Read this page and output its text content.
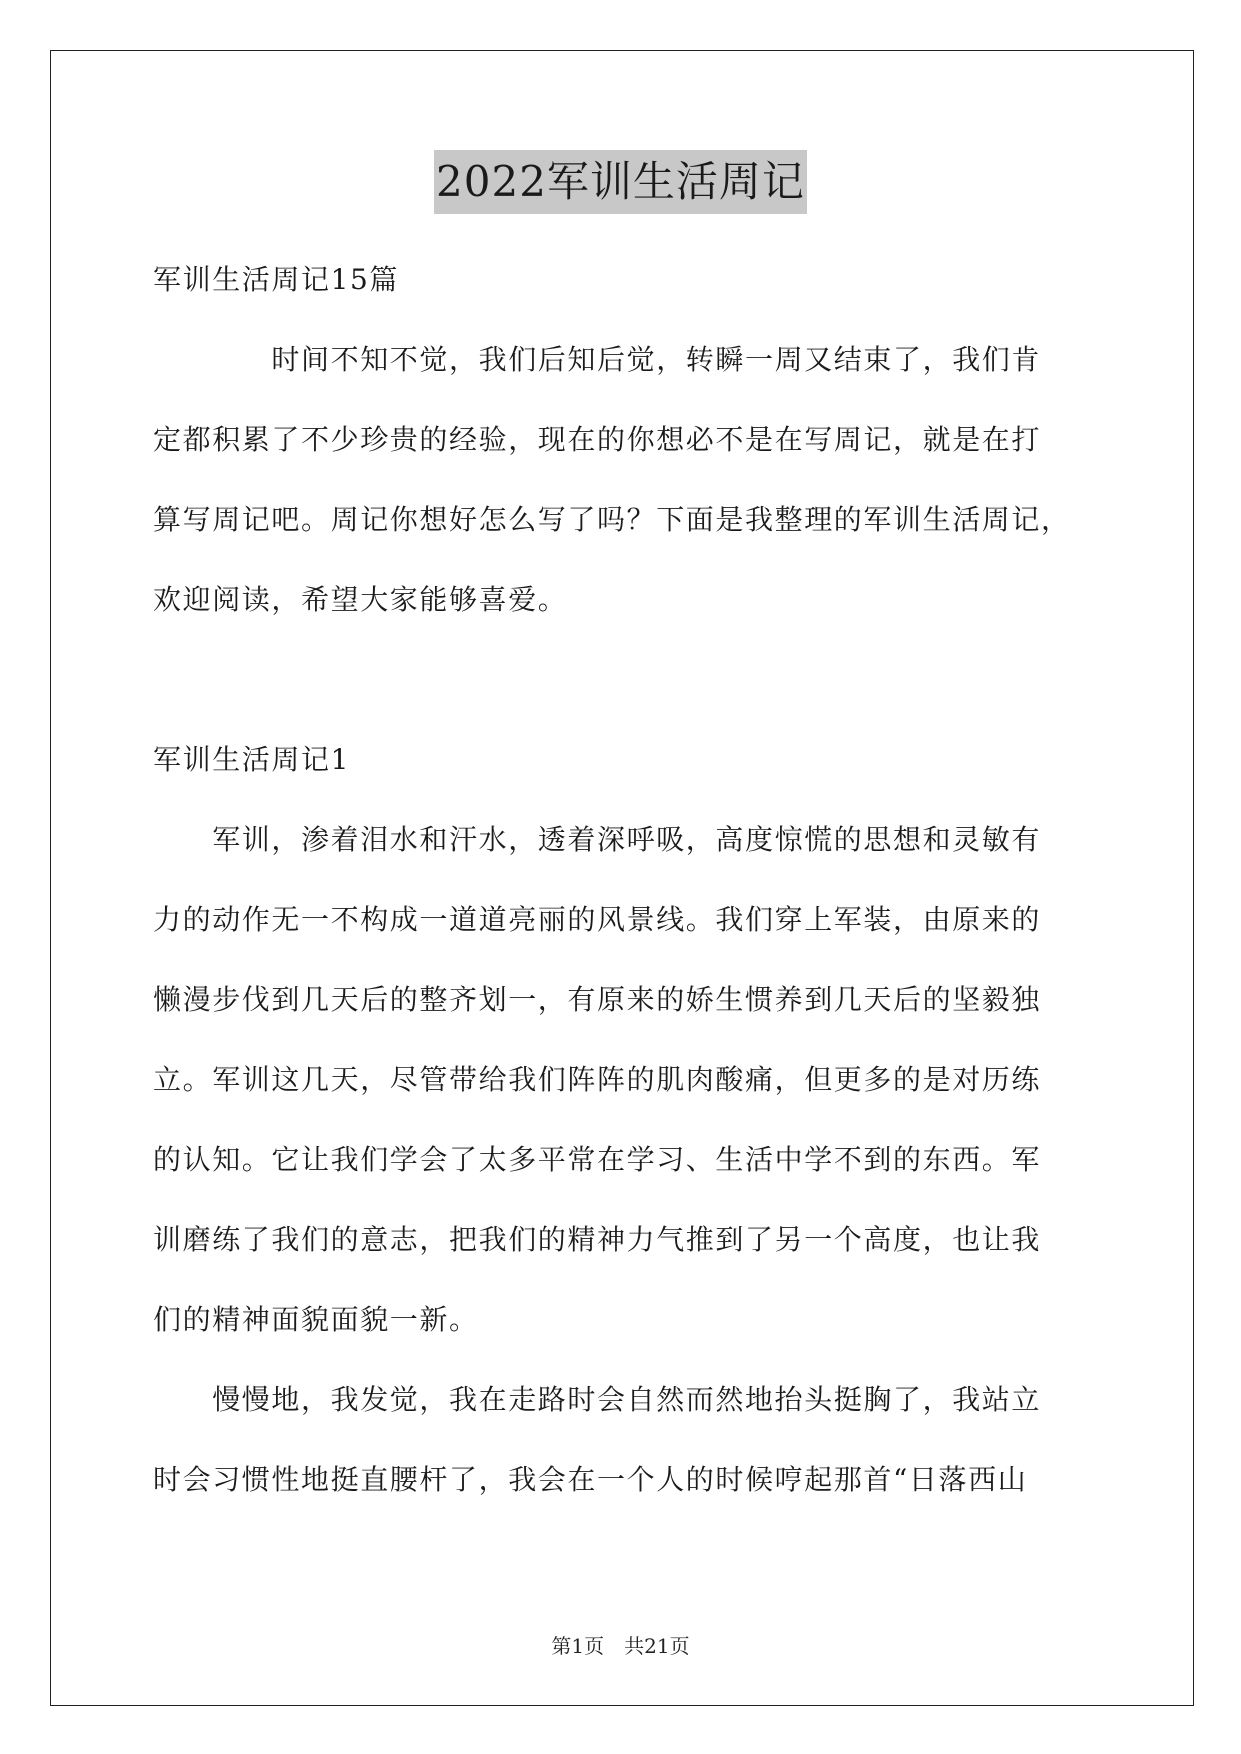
2022军训生活周记
军训生活周记15篇
　　　　时间不知不觉，我们后知后觉，转瞬一周又结束了，我们肯
定都积累了不少珍贵的经验，现在的你想必不是在写周记，就是在打
算写周记吧。周记你想好怎么写了吗？下面是我整理的军训生活周记，
欢迎阅读，希望大家能够喜爱。
军训生活周记1
　　军训，渗着泪水和汗水，透着深呼吸，高度惊慌的思想和灵敏有
力的动作无一不构成一道道亮丽的风景线。我们穿上军装，由原来的
懒漫步伐到几天后的整齐划一，有原来的娇生惯养到几天后的坚毅独
立。军训这几天，尽管带给我们阵阵的肌肉酸痛，但更多的是对历练
的认知。它让我们学会了太多平常在学习、生活中学不到的东西。军
训磨练了我们的意志，把我们的精神力气推到了另一个高度，也让我
们的精神面貌面貌一新。
　　慢慢地，我发觉，我在走路时会自然而然地抬头挺胸了，我站立
时会习惯性地挺直腰杆了，我会在一个人的时候哼起那首“日落西山
第1页　共21页
